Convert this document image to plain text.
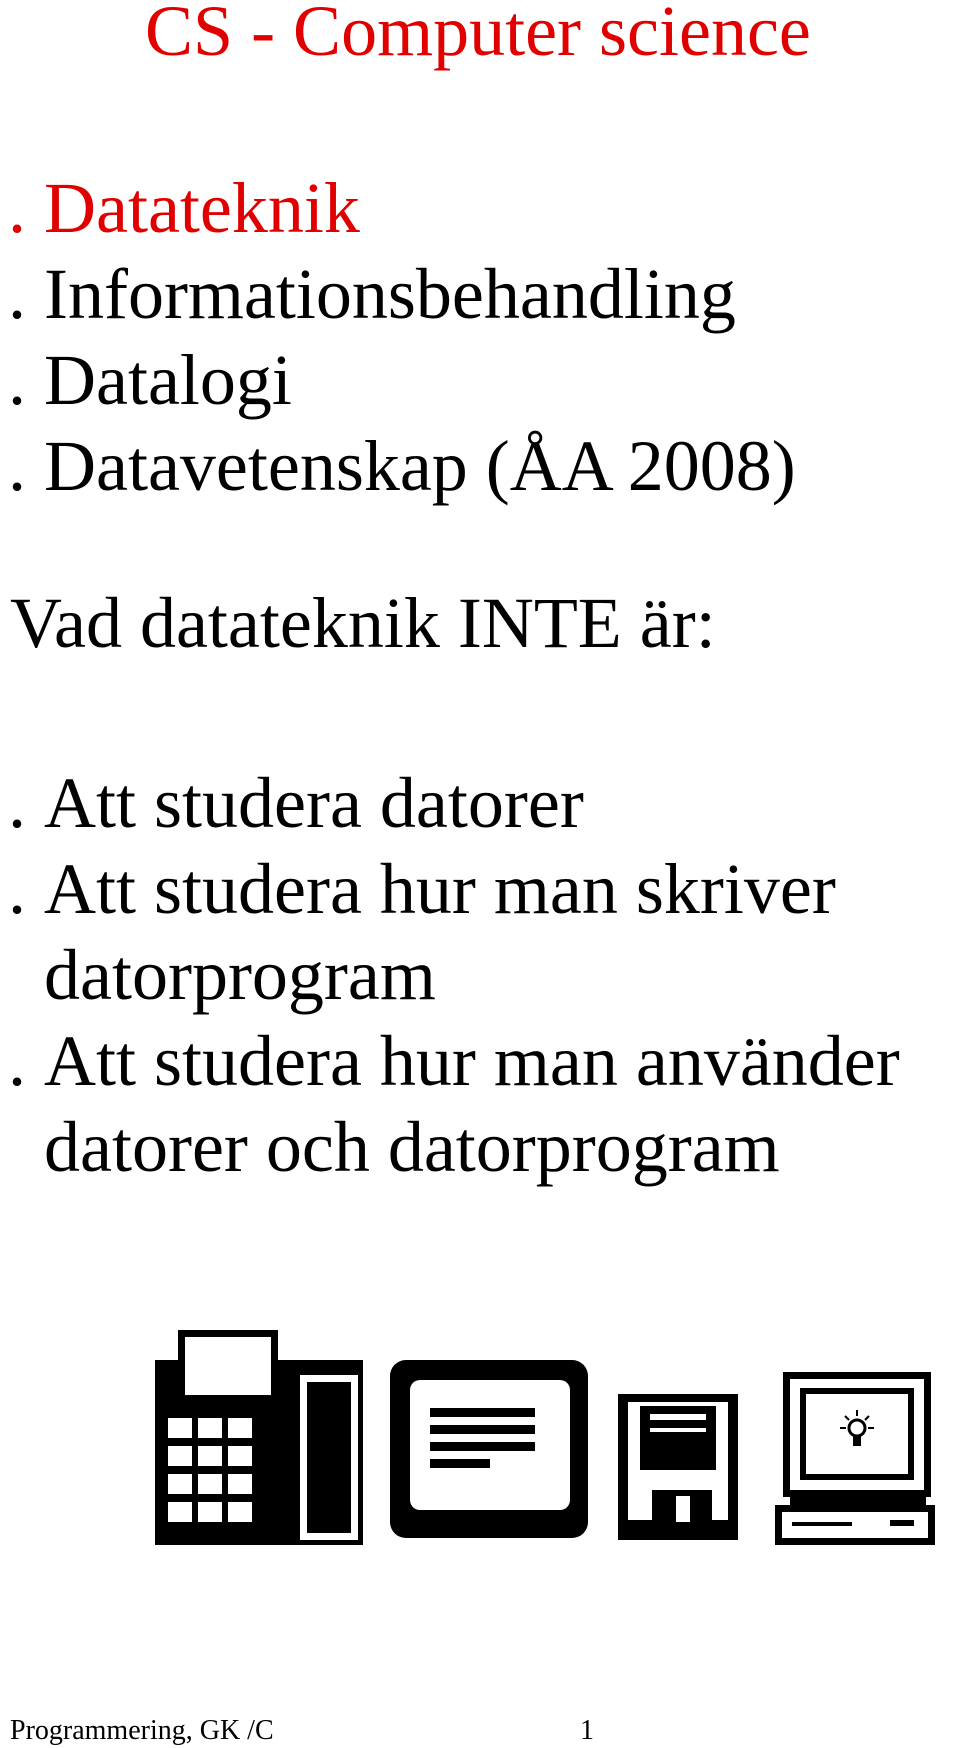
CS - Computer science
. Datateknik
. Informationsbehandling
. Datalogi
. Datavetenskap (ÅA 2008)
Vad datateknik INTE är:
. Att studera datorer
. Att studera hur man skriver datorprogram
. Att studera hur man använder datorer och datorprogram
Programmering, GK /C	1
